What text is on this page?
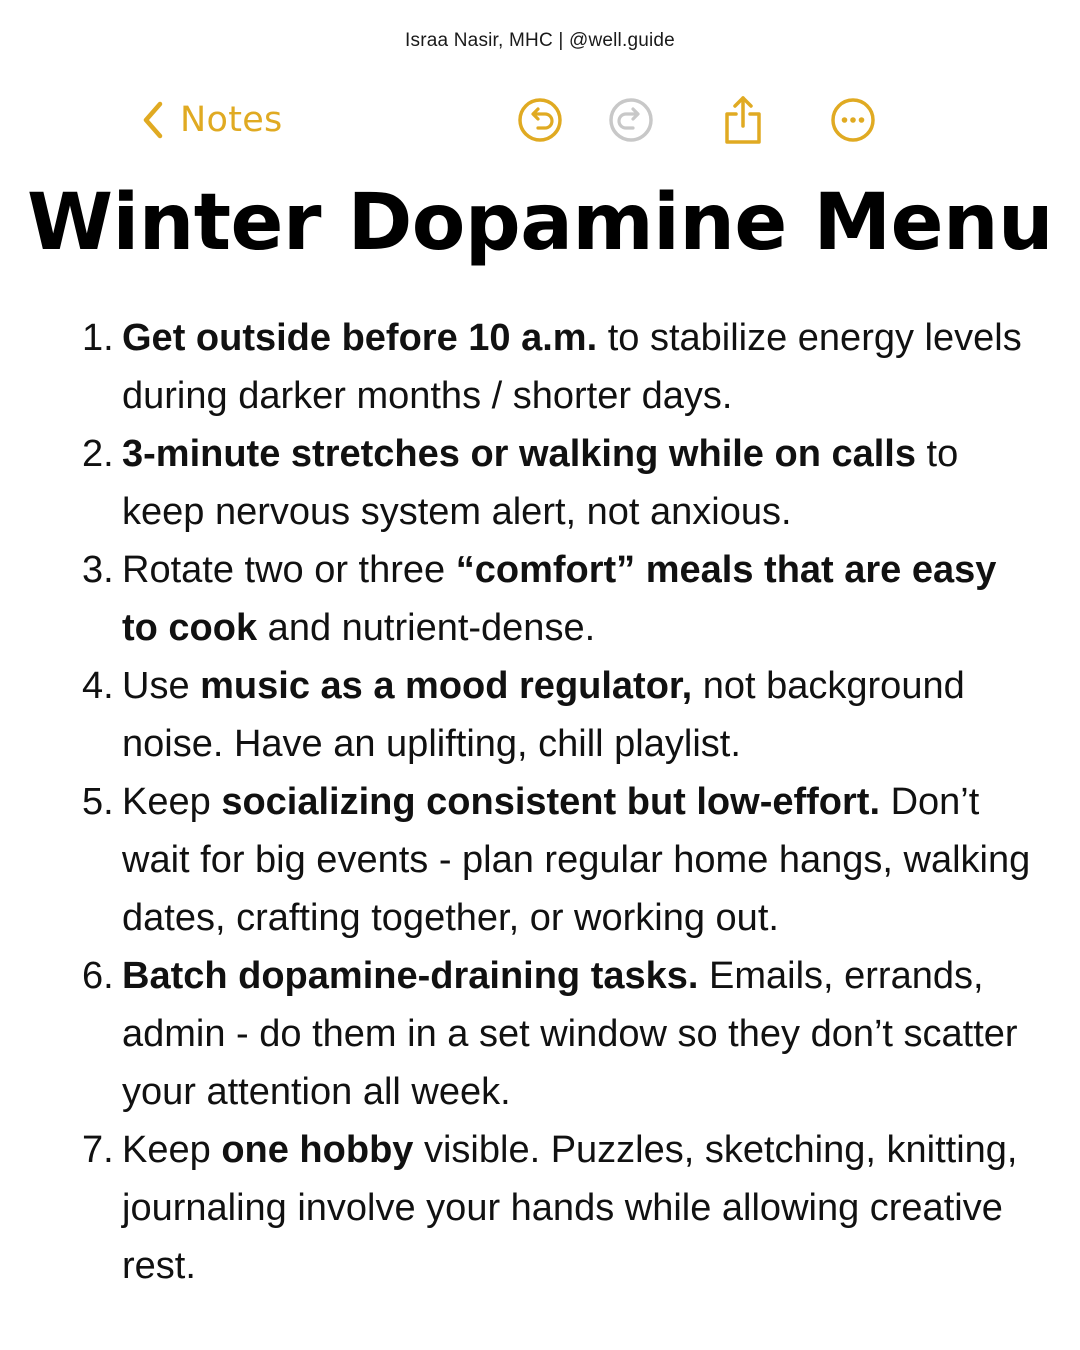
Israa Nasir, MHC | @well.guide
Notes
Winter Dopamine Menu
1. Get outside before 10 a.m. to stabilize energy levels during darker months / shorter days.
2. 3-minute stretches or walking while on calls to keep nervous system alert, not anxious.
3. Rotate two or three “comfort” meals that are easy to cook and nutrient-dense.
4. Use music as a mood regulator, not background noise. Have an uplifting, chill playlist.
5. Keep socializing consistent but low-effort. Don’t wait for big events - plan regular home hangs, walking dates, crafting together, or working out.
6. Batch dopamine-draining tasks. Emails, errands, admin - do them in a set window so they don’t scatter your attention all week.
7. Keep one hobby visible. Puzzles, sketching, knitting, journaling involve your hands while allowing creative rest.
